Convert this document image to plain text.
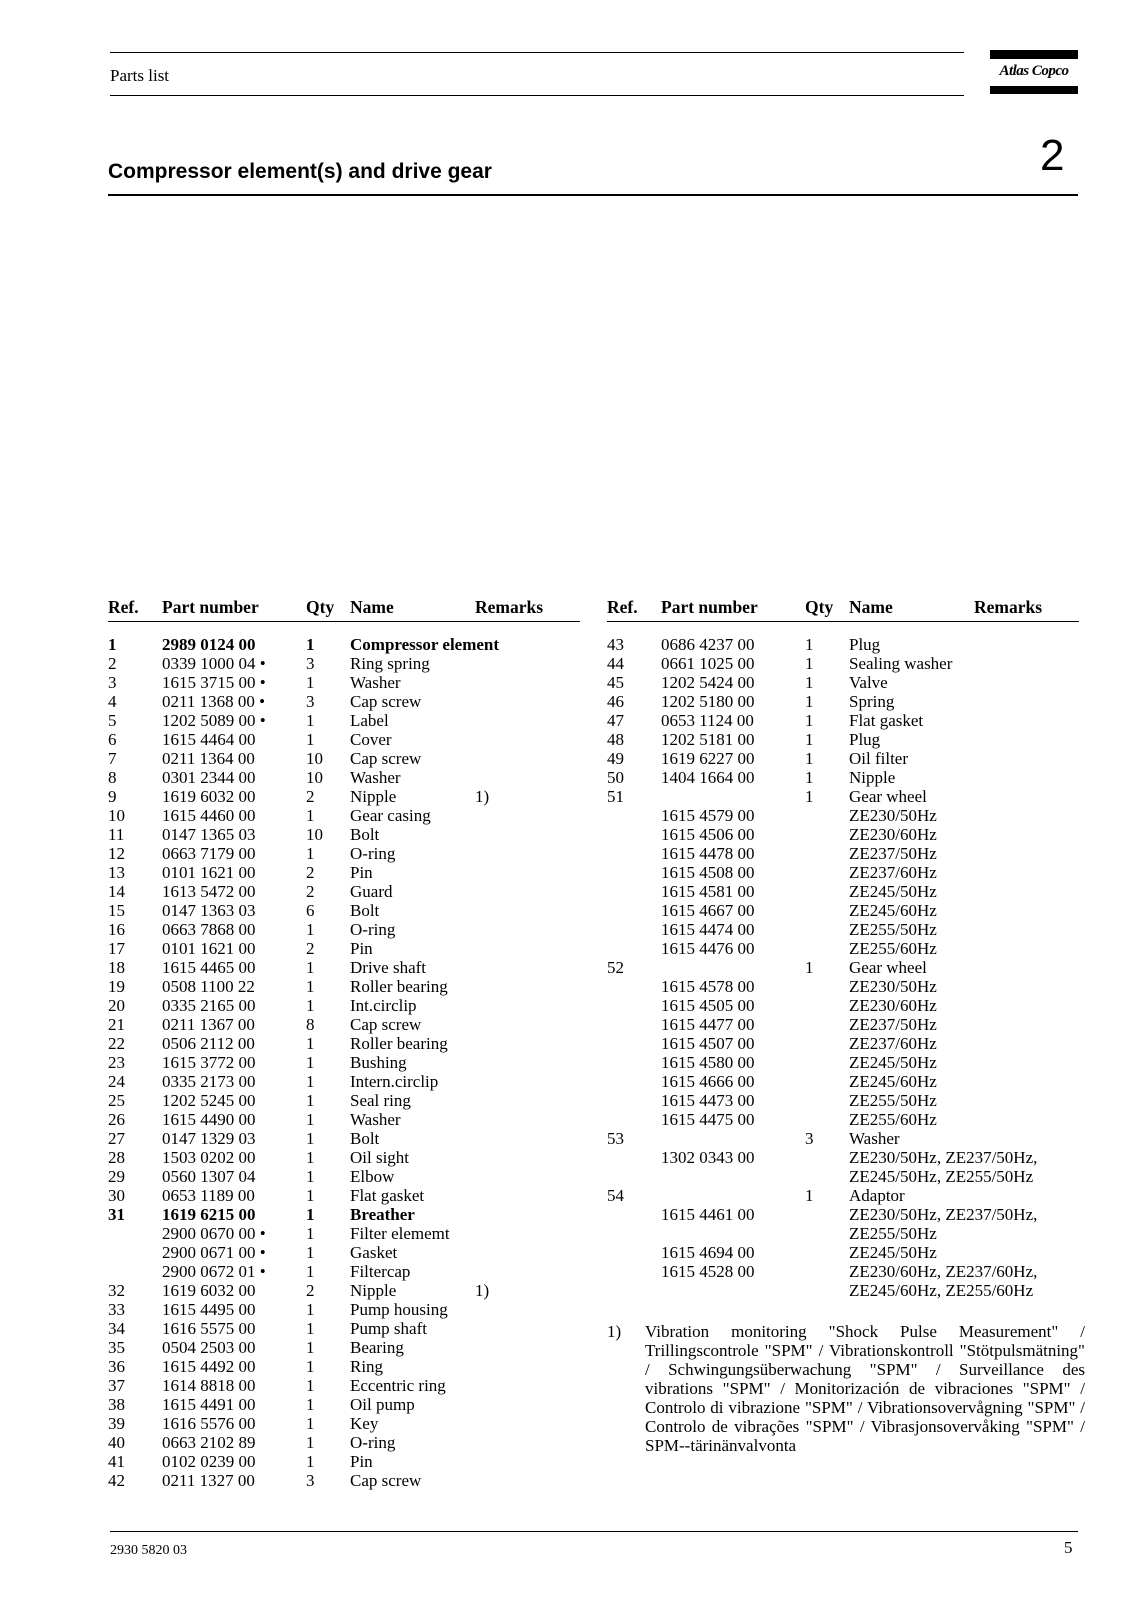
Parts list	Atlas Copco
Compressor element(s) and drive gear	2
Ref. Part number	Qty Name	Remarks
1	2989 0124 00	1 Compressor element
2	0339 1000 04 • 3 Ring spring
3	1615 3715 00 • 1 Washer
4	0211 1368 00 • 3 Cap screw
5	1202 5089 00 • 1 Label
6	1615 4464 00	1 Cover
7	0211 1364 00	10 Cap screw
8	0301 2344 00	10 Washer
9	1619 6032 00	2 Nipple	1)
10 1615 4460 00	1 Gear casing
11 0147 1365 03	10 Bolt
12 0663 7179 00	1 O-ring
13 0101 1621 00	2 Pin
14 1613 5472 00	2 Guard
15 0147 1363 03	6 Bolt
16 0663 7868 00	1 O-ring
17 0101 1621 00	2 Pin
18 1615 4465 00	1 Drive shaft
19 0508 1100 22	1 Roller bearing
20 0335 2165 00	1 Int.circlip
21 0211 1367 00	8 Cap screw
22 0506 2112 00	1 Roller bearing
23 1615 3772 00	1 Bushing
24 0335 2173 00	1 Intern.circlip
25 1202 5245 00	1 Seal ring
26 1615 4490 00	1 Washer
27 0147 1329 03	1 Bolt
28 1503 0202 00	1 Oil sight
29 0560 1307 04	1 Elbow
30 0653 1189 00	1 Flat gasket
31 1619 6215 00	1 Breather
2900 0670 00 • 1 Filter elememt
2900 0671 00 • 1 Gasket
2900 0672 01 • 1 Filtercap
32 1619 6032 00	2 Nipple	1)
33 1615 4495 00	1 Pump housing
34 1616 5575 00	1 Pump shaft
35 0504 2503 00	1 Bearing
36 1615 4492 00	1 Ring
37 1614 8818 00	1 Eccentric ring
38 1615 4491 00	1 Oil pump
39 1616 5576 00	1 Key
40 0663 2102 89	1 O-ring
41 0102 0239 00	1 Pin
42 0211 1327 00	3 Cap screw
Ref. Part number	Qty Name	Remarks
43 0686 4237 00	1 Plug
44 0661 1025 00	1 Sealing washer
45 1202 5424 00	1 Valve
46 1202 5180 00	1 Spring
47 0653 1124 00	1 Flat gasket
48 1202 5181 00	1 Plug
49 1619 6227 00	1 Oil filter
50 1404 1664 00	1 Nipple
51	1 Gear wheel
1615 4579 00	ZE230/50Hz
1615 4506 00	ZE230/60Hz
1615 4478 00	ZE237/50Hz
1615 4508 00	ZE237/60Hz
1615 4581 00	ZE245/50Hz
1615 4667 00	ZE245/60Hz
1615 4474 00	ZE255/50Hz
1615 4476 00	ZE255/60Hz
52	1 Gear wheel
1615 4578 00	ZE230/50Hz
1615 4505 00	ZE230/60Hz
1615 4477 00	ZE237/50Hz
1615 4507 00	ZE237/60Hz
1615 4580 00	ZE245/50Hz
1615 4666 00	ZE245/60Hz
1615 4473 00	ZE255/50Hz
1615 4475 00	ZE255/60Hz
53	3 Washer
1302 0343 00	ZE230/50Hz, ZE237/50Hz,
ZE245/50Hz, ZE255/50Hz
54	1 Adaptor
1615 4461 00	ZE230/50Hz, ZE237/50Hz,
ZE255/50Hz
1615 4694 00	ZE245/50Hz
1615 4528 00	ZE230/60Hz, ZE237/60Hz,
ZE245/60Hz, ZE255/60Hz
1) Vibration monitoring "Shock Pulse Measurement" / Trillingscontrole "SPM" / Vibrationskontroll "Stötpulsmätning" / Schwingungsüberwachung "SPM" / Surveillance des vibrations "SPM" / Monitorización de vibraciones "SPM" / Controlo di vibrazione "SPM" / Vibrationsovervågning "SPM" / Controlo de vibrações "SPM" / Vibrasjonsovervåking "SPM" / SPM--tärinänvalvonta
2930 5820 03	5
